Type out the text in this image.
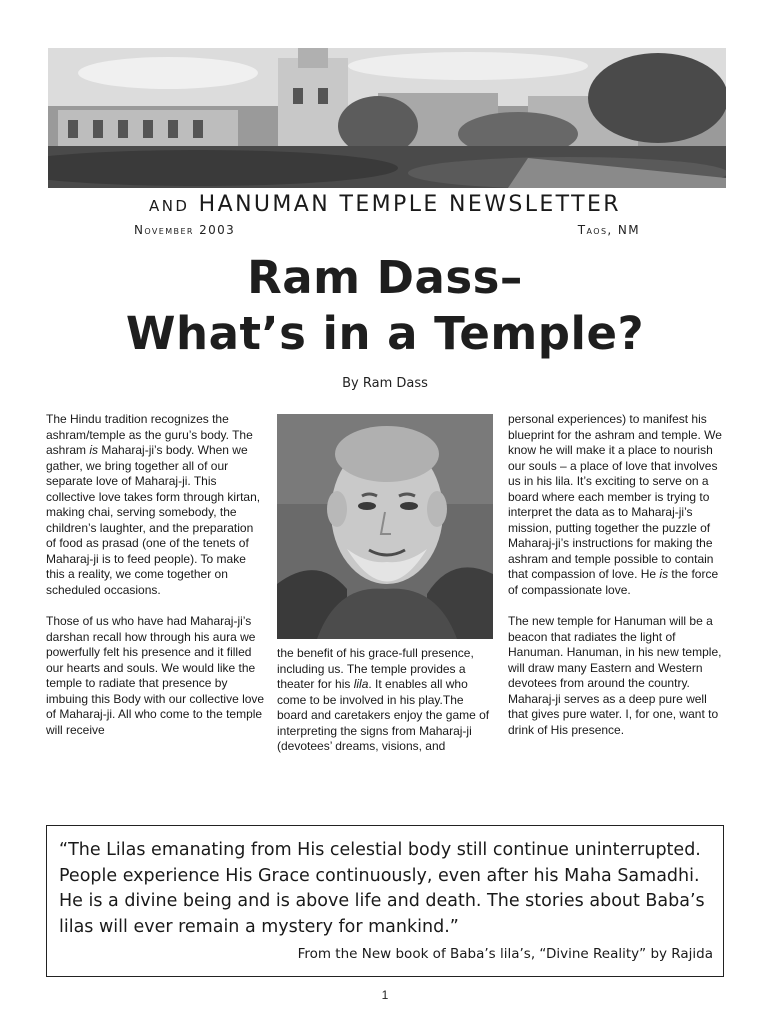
and HANUMAN TEMPLE NEWSLETTER
November 2003	Taos, NM
Ram Dass–
What’s in a Temple?
By Ram Dass

The Hindu tradition recognizes the ashram/temple as the guru’s body. The ashram is Maharaj-ji’s body. When we gather, we bring together all of our separate love of Maharaj-ji. This collective love takes form through kirtan, making chai, serving somebody, the children’s laughter, and the preparation of food as prasad (one of the tenets of Maharaj-ji is to feed people). To make this a reality, we come together on scheduled occasions.

Those of us who have had Maharaj-ji’s darshan recall how through his aura we powerfully felt his presence and it filled our hearts and souls. We would like the temple to radiate that presence by imbuing this Body with our collective love of Maharaj-ji. All who come to the temple will receive

the benefit of his grace-full presence, including us. The temple provides a theater for his lila. It enables all who come to be involved in his play.The board and caretakers enjoy the game of interpreting the signs from Maharaj-ji (devotees’ dreams, visions, and

personal experiences) to manifest his blueprint for the ashram and temple. We know he will make it a place to nourish our souls – a place of love that involves us in his lila. It’s exciting to serve on a board where each member is trying to interpret the data as to Maharaj-ji’s mission, putting together the puzzle of Maharaj-ji’s instructions for making the ashram and temple possible to contain that compassion of love. He is the force of compassionate love.

The new temple for Hanuman will be a beacon that radiates the light of Hanuman. Hanuman, in his new temple, will draw many Eastern and Western devotees from around the country. Maharaj-ji serves as a deep pure well that gives pure water. I, for one, want to drink of His presence.

“The Lilas emanating from His celestial body still continue uninterrupted. People experience His Grace continuously, even after his Maha Samadhi. He is a divine being and is above life and death. The stories about Baba’s lilas will ever remain a mystery for mankind.”
From the New book of Baba’s lila’s, “Divine Reality” by Rajida
1
